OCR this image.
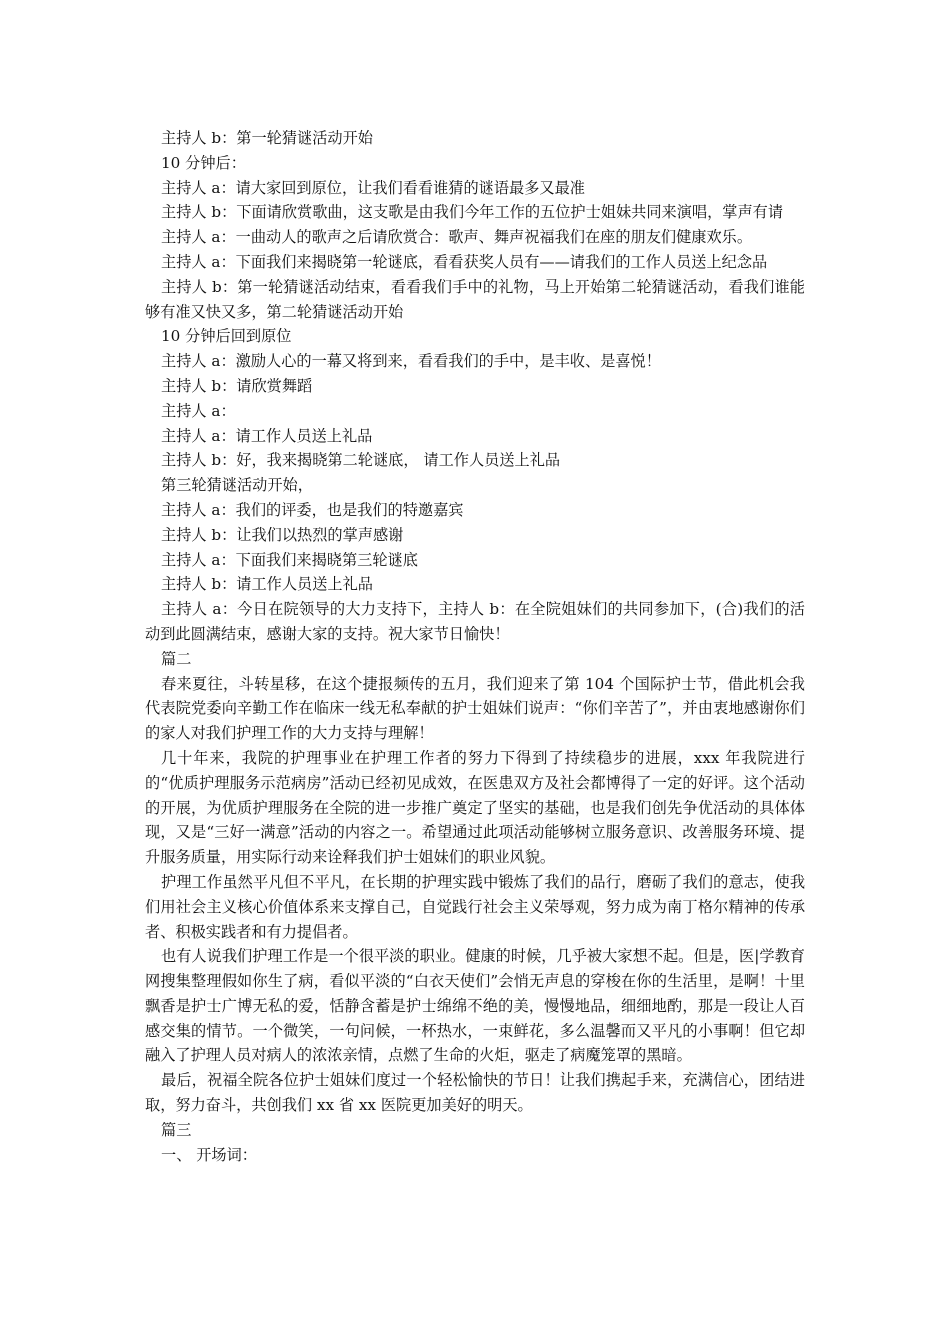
主持人 b：第一轮猜谜活动开始

10 分钟后：

主持人 a：请大家回到原位，让我们看看谁猜的谜语最多又最准

主持人 b：下面请欣赏歌曲，这支歌是由我们今年工作的五位护士姐妹共同来演唱，掌声有请

主持人 a：一曲动人的歌声之后请欣赏合：歌声、舞声祝福我们在座的朋友们健康欢乐。

主持人 a：下面我们来揭晓第一轮谜底，看看获奖人员有——请我们的工作人员送上纪念品

主持人 b：第一轮猜谜活动结束，看看我们手中的礼物，马上开始第二轮猜谜活动，看我们谁能够有准又快又多，第二轮猜谜活动开始

10 分钟后回到原位

主持人 a：激励人心的一幕又将到来，看看我们的手中，是丰收、是喜悦！

主持人 b：请欣赏舞蹈

主持人 a：

主持人 a：请工作人员送上礼品

主持人 b：好，我来揭晓第二轮谜底， 请工作人员送上礼品

第三轮猜谜活动开始，

主持人 a：我们的评委，也是我们的特邀嘉宾

主持人 b：让我们以热烈的掌声感谢

主持人 a：下面我们来揭晓第三轮谜底

主持人 b：请工作人员送上礼品

主持人 a：今日在院领导的大力支持下，主持人 b：在全院姐妹们的共同参加下，(合)我们的活动到此圆满结束，感谢大家的支持。祝大家节日愉快！

篇二

春来夏往，斗转星移，在这个捷报频传的五月，我们迎来了第 104 个国际护士节，借此机会我代表院党委向辛勤工作在临床一线无私奉献的护士姐妹们说声：“你们辛苦了”，并由衷地感谢你们的家人对我们护理工作的大力支持与理解！

几十年来，我院的护理事业在护理工作者的努力下得到了持续稳步的进展，xxx 年我院进行的“优质护理服务示范病房”活动已经初见成效，在医患双方及社会都博得了一定的好评。这个活动的开展，为优质护理服务在全院的进一步推广奠定了坚实的基础，也是我们创先争优活动的具体体现，又是“三好一满意”活动的内容之一。希望通过此项活动能够树立服务意识、改善服务环境、提升服务质量，用实际行动来诠释我们护士姐妹们的职业风貌。

护理工作虽然平凡但不平凡，在长期的护理实践中锻炼了我们的品行，磨砺了我们的意志，使我们用社会主义核心价值体系来支撑自己，自觉践行社会主义荣辱观，努力成为南丁格尔精神的传承者、积极实践者和有力提倡者。

也有人说我们护理工作是一个很平淡的职业。健康的时候，几乎被大家想不起。但是，医|学教育网搜集整理假如你生了病，看似平淡的“白衣天使们”会悄无声息的穿梭在你的生活里，是啊！十里飘香是护士广博无私的爱，恬静含蓄是护士绵绵不绝的美，慢慢地品，细细地酌，那是一段让人百感交集的情节。一个微笑，一句问候，一杯热水，一束鲜花，多么温馨而又平凡的小事啊！但它却融入了护理人员对病人的浓浓亲情，点燃了生命的火炬，驱走了病魔笼罩的黑暗。

最后，祝福全院各位护士姐妹们度过一个轻松愉快的节日！让我们携起手来，充满信心，团结进取，努力奋斗，共创我们 xx 省 xx 医院更加美好的明天。

篇三

一、 开场词：
